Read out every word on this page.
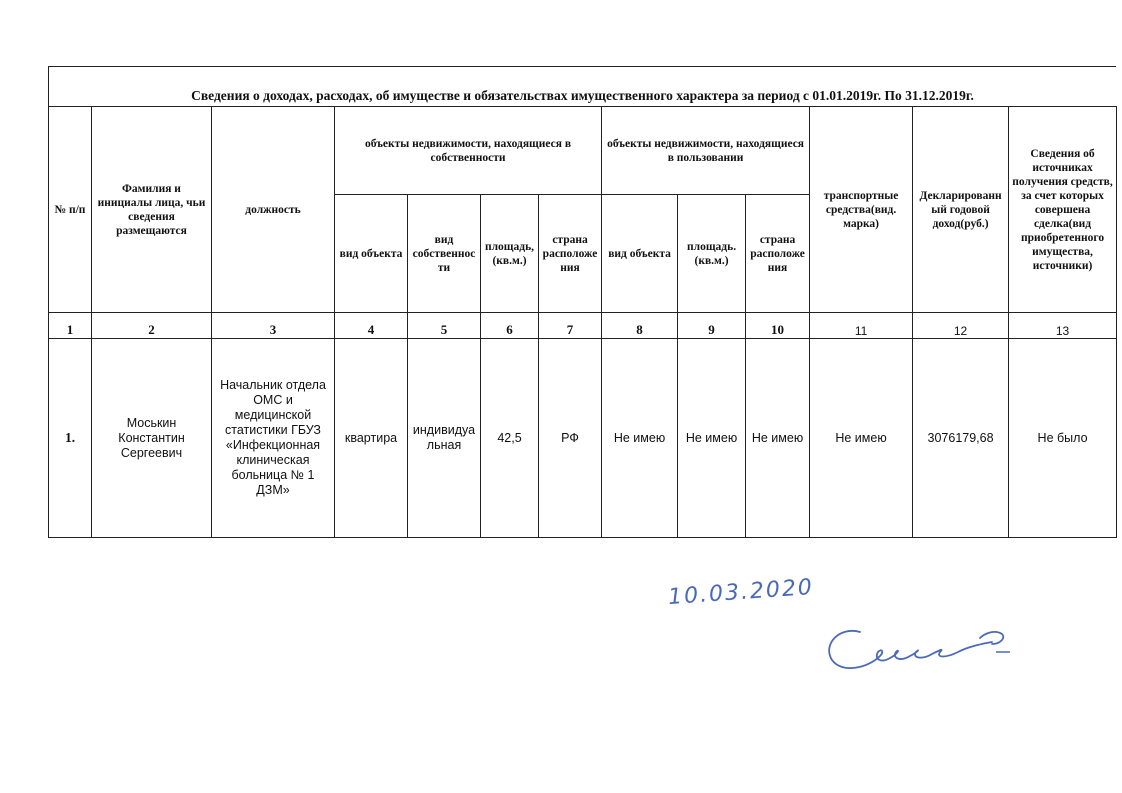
Сведения о доходах, расходах, об имуществе и обязательствах имущественного характера за период с 01.01.2019г. По 31.12.2019г.
№ п/п	Фамилия и инициалы лица, чьи сведения размещаются	должность	объекты недвижимости, находящиеся в собственности				объекты недвижимости, находящиеся в пользовании			транспортные средства(вид. марка)	Декларированный годовой доход(руб.)	Сведения об источниках получения средств, за счет которых совершена сделка(вид приобретенного имущества, источники)
			вид объекта	вид собственности	площадь, (кв.м.)	страна расположения	вид объекта	площадь. (кв.м.)	страна расположения			
1	2	3	4	5	6	7	8	9	10	11	12	13
1.	Моськин Константин Сергеевич	Начальник отдела ОМС и медицинской статистики ГБУЗ «Инфекционная клиническая больница № 1 ДЗМ»	квартира	индивидуальная	42,5	РФ	Не имею	Не имею	Не имею	Не имею	3076179,68	Не было
10.03.2020
